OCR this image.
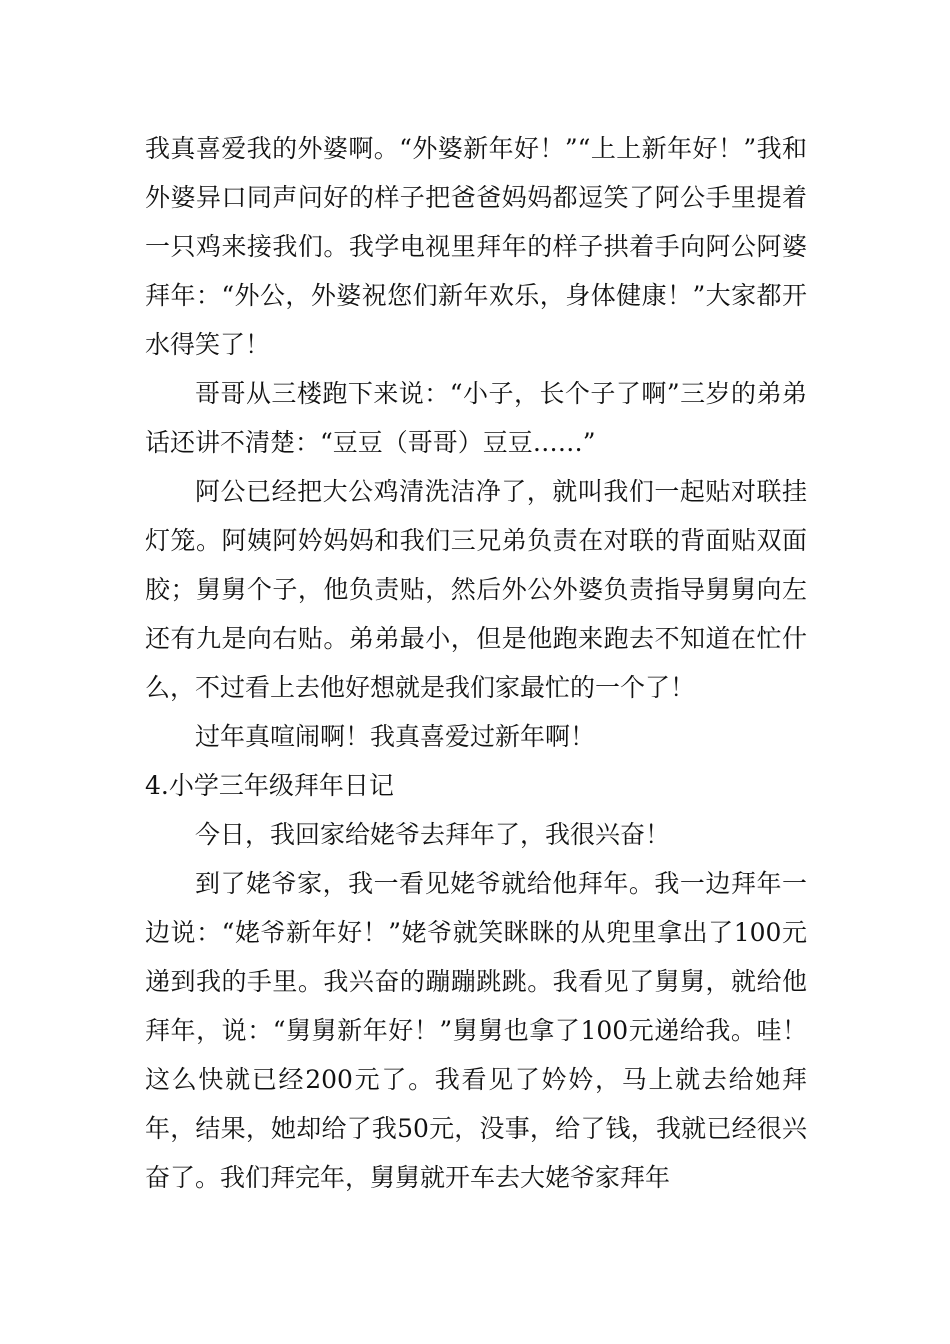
我真喜爱我的外婆啊。“外婆新年好！”“上上新年好！”我和外婆异口同声问好的样子把爸爸妈妈都逗笑了阿公手里提着一只鸡来接我们。我学电视里拜年的样子拱着手向阿公阿婆拜年：“外公，外婆祝您们新年欢乐，身体健康！”大家都开水得笑了！

哥哥从三楼跑下来说：“小子，长个子了啊”三岁的弟弟话还讲不清楚：“豆豆（哥哥）豆豆……”

阿公已经把大公鸡清洗洁净了，就叫我们一起贴对联挂灯笼。阿姨阿妗妈妈和我们三兄弟负责在对联的背面贴双面胶；舅舅个子，他负责贴，然后外公外婆负责指导舅舅向左还有九是向右贴。弟弟最小，但是他跑来跑去不知道在忙什么，不过看上去他好想就是我们家最忙的一个了！

过年真喧闹啊！我真喜爱过新年啊！

4.小学三年级拜年日记

今日，我回家给姥爷去拜年了，我很兴奋！

到了姥爷家，我一看见姥爷就给他拜年。我一边拜年一边说：“姥爷新年好！”姥爷就笑眯眯的从兜里拿出了100元递到我的手里。我兴奋的蹦蹦跳跳。我看见了舅舅，就给他拜年，说：“舅舅新年好！”舅舅也拿了100元递给我。哇！这么快就已经200元了。我看见了妗妗，马上就去给她拜年，结果，她却给了我50元，没事，给了钱，我就已经很兴奋了。我们拜完年，舅舅就开车去大姥爷家拜年
